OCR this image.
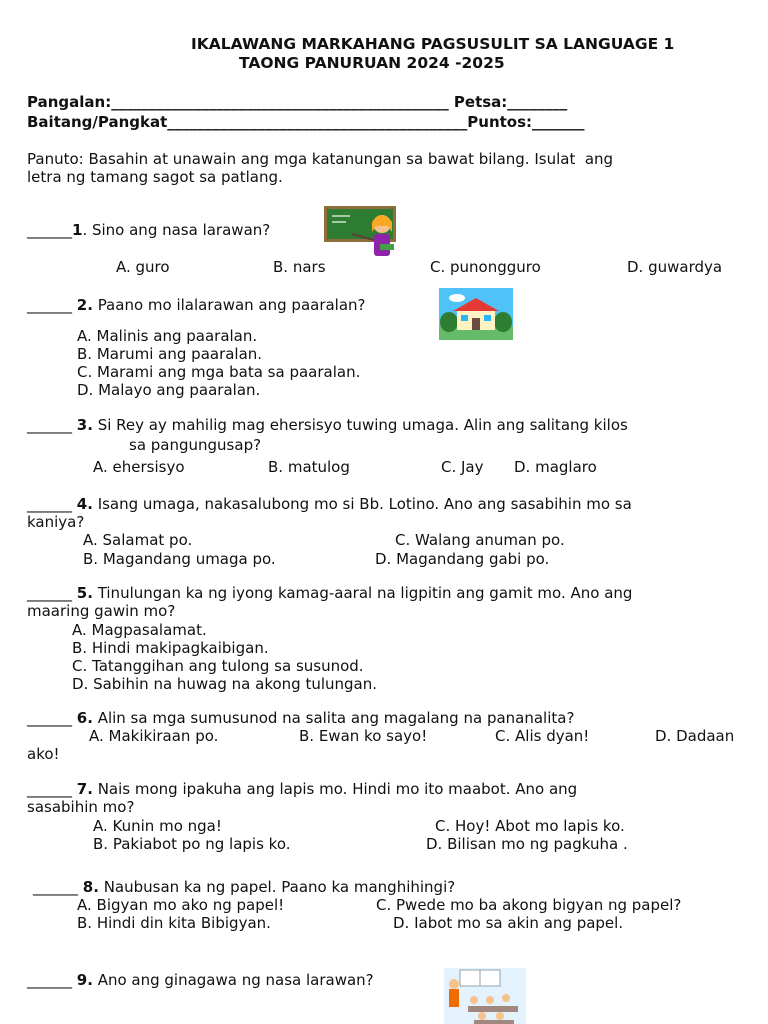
IKALAWANG MARKAHANG PAGSUSULIT SA LANGUAGE 1
TAONG PANURUAN 2024 -2025
Pangalan:_____________________________________________ Petsa:________
Baitang/Pangkat________________________________________Puntos:_______
Panuto: Basahin at unawain ang mga katanungan sa bawat bilang. Isulat  ang
letra ng tamang sagot sa patlang.
______1. Sino ang nasa larawan?
A. guro	B. nars	C. punongguro	D. guwardya
______ 2. Paano mo ilalarawan ang paaralan?
A. Malinis ang paaralan.
B. Marumi ang paaralan.
C. Marami ang mga bata sa paaralan.
D. Malayo ang paaralan.
______ 3. Si Rey ay mahilig mag ehersisyo tuwing umaga. Alin ang salitang kilos
sa pangungusap?
A. ehersisyo	B. matulog	C. Jay D. maglaro
______ 4. Isang umaga, nakasalubong mo si Bb. Lotino. Ano ang sasabihin mo sa
kaniya?
A. Salamat po.	C. Walang anuman po.
B. Magandang umaga po.	D. Magandang gabi po.
______ 5. Tinulungan ka ng iyong kamag-aaral na ligpitin ang gamit mo. Ano ang
maaring gawin mo?
A. Magpasalamat.
B. Hindi makipagkaibigan.
C. Tatanggihan ang tulong sa susunod.
D. Sabihin na huwag na akong tulungan.
______ 6. Alin sa mga sumusunod na salita ang magalang na pananalita?
A. Makikiraan po.	B. Ewan ko sayo!	C. Alis dyan!	D. Dadaan
ako!
______ 7. Nais mong ipakuha ang lapis mo. Hindi mo ito maabot. Ano ang
sasabihin mo?
A. Kunin mo nga!	C. Hoy! Abot mo lapis ko.
B. Pakiabot po ng lapis ko.	D. Bilisan mo ng pagkuha .
______ 8. Naubusan ka ng papel. Paano ka manghihingi?
A. Bigyan mo ako ng papel!	C. Pwede mo ba akong bigyan ng papel?
B. Hindi din kita Bibigyan.	D. Iabot mo sa akin ang papel.
______ 9. Ano ang ginagawa ng nasa larawan?
